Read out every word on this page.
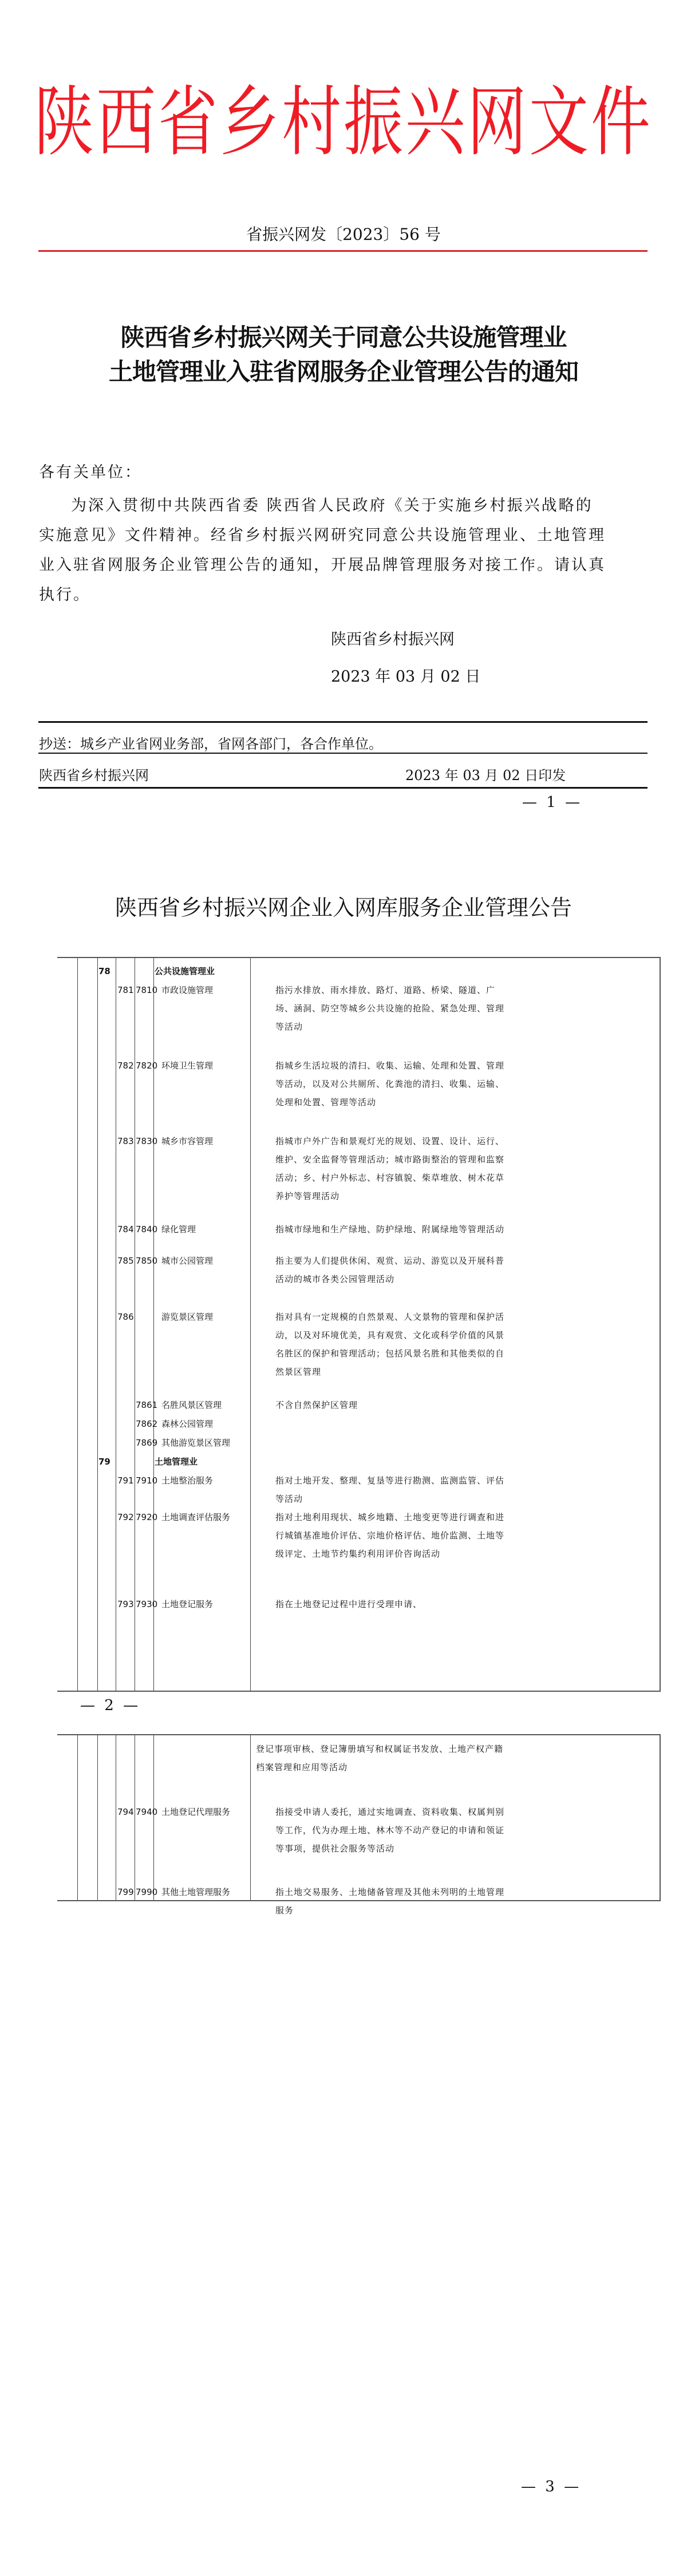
陕西省乡村振兴网文件
省振兴网发〔2023〕56 号
陕西省乡村振兴网关于同意公共设施管理业
土地管理业入驻省网服务企业管理公告的通知
各有关单位：
为深入贯彻中共陕西省委 陕西省人民政府《关于实施乡村振兴战略的实施意见》文件精神。经省乡村振兴网研究同意公共设施管理业、土地管理业入驻省网服务企业管理公告的通知，开展品牌管理服务对接工作。请认真执行。
陕西省乡村振兴网
2023 年 03 月 02 日
抄送：城乡产业省网业务部，省网各部门，各合作单位。
陕西省乡村振兴网	2023 年 03 月 02 日印发
— 1 —
陕西省乡村振兴网企业入网库服务企业管理公告
78	公共设施管理业
781 7810 市政设施管理	指污水排放、雨水排放、路灯、道路、桥梁、隧道、广场、涵洞、防空等城乡公共设施的抢险、紧急处理、管理等活动
782 7820 环境卫生管理	指城乡生活垃圾的清扫、收集、运输、处理和处置、管理等活动，以及对公共厕所、化粪池的清扫、收集、运输、处理和处置、管理等活动
783 7830 城乡市容管理	指城市户外广告和景观灯光的规划、设置、设计、运行、维护、安全监督等管理活动；城市路街整治的管理和监察活动；乡、村户外标志、村容镇貌、柴草堆放、树木花草养护等管理活动
784 7840 绿化管理	指城市绿地和生产绿地、防护绿地、附属绿地等管理活动
785 7850 城市公园管理	指主要为人们提供休闲、观赏、运动、游览以及开展科普活动的城市各类公园管理活动
786	游览景区管理	指对具有一定规模的自然景观、人文景物的管理和保护活动，以及对环境优美，具有观赏、文化或科学价值的风景名胜区的保护和管理活动；包括风景名胜和其他类似的自然景区管理
7861 名胜风景区管理	不含自然保护区管理
7862 森林公园管理
7869 其他游览景区管理
79	土地管理业
791 7910 土地整治服务	指对土地开发、整理、复垦等进行勘测、监测监管、评估等活动
792 7920 土地调查评估服务	指对土地利用现状、城乡地籍、土地变更等进行调查和进行城镇基准地价评估、宗地价格评估、地价监测、土地等级评定、土地节约集约利用评价咨询活动
793 7930 土地登记服务	指在土地登记过程中进行受理申请、
— 2 —
登记事项审核、登记簿册填写和权属证书发放、土地产权产籍档案管理和应用等活动
794 7940 土地登记代理服务	指接受申请人委托，通过实地调查、资料收集、权属判别等工作，代为办理土地、林木等不动产登记的申请和领证等事项，提供社会服务等活动
799 7990 其他土地管理服务	指土地交易服务、土地储备管理及其他未列明的土地管理服务
— 3 —
